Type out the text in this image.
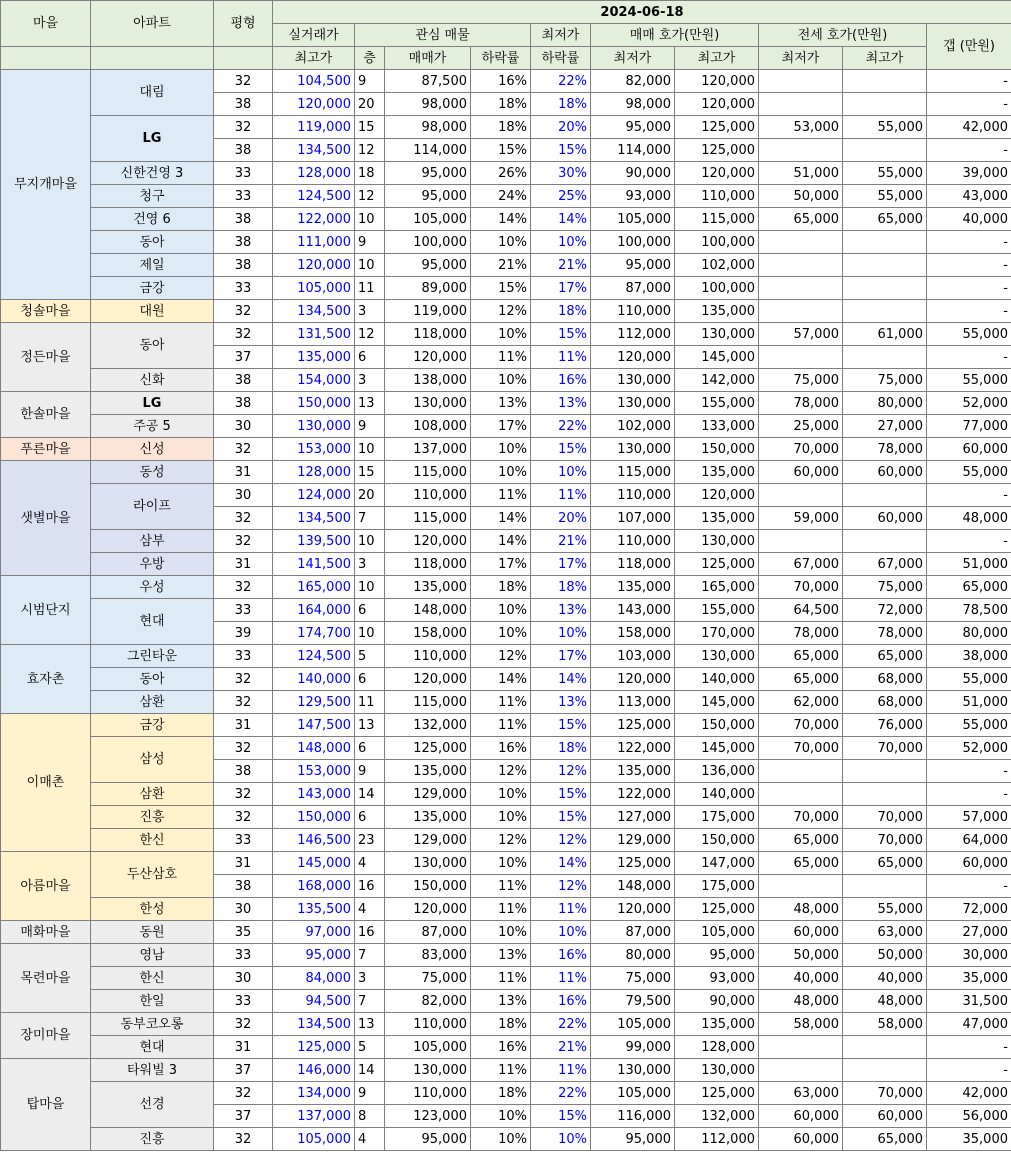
마을	아파트	평형	2024-06-18									
			실거래가	관심 매물			최저가	매매 호가(만원)		전세 호가(만원)		갭 (만원)
			최고가	층	매매가	하락률	하락률	최저가	최고가	최저가	최고가	
무지개마을	대림	32	104,500	9	87,500	16%	22%	82,000	120,000			-
		38	120,000	20	98,000	18%	18%	98,000	120,000			-
	LG	32	119,000	15	98,000	18%	20%	95,000	125,000	53,000	55,000	42,000
		38	134,500	12	114,000	15%	15%	114,000	125,000			-
	신한건영 3	33	128,000	18	95,000	26%	30%	90,000	120,000	51,000	55,000	39,000
	청구	33	124,500	12	95,000	24%	25%	93,000	110,000	50,000	55,000	43,000
	건영 6	38	122,000	10	105,000	14%	14%	105,000	115,000	65,000	65,000	40,000
	동아	38	111,000	9	100,000	10%	10%	100,000	100,000			-
	제일	38	120,000	10	95,000	21%	21%	95,000	102,000			-
	금강	33	105,000	11	89,000	15%	17%	87,000	100,000			-
청솔마을	대원	32	134,500	3	119,000	12%	18%	110,000	135,000			-
정든마을	동아	32	131,500	12	118,000	10%	15%	112,000	130,000	57,000	61,000	55,000
		37	135,000	6	120,000	11%	11%	120,000	145,000			-
	신화	38	154,000	3	138,000	10%	16%	130,000	142,000	75,000	75,000	55,000
한솔마을	LG	38	150,000	13	130,000	13%	13%	130,000	155,000	78,000	80,000	52,000
	주공 5	30	130,000	9	108,000	17%	22%	102,000	133,000	25,000	27,000	77,000
푸른마을	신성	32	153,000	10	137,000	10%	15%	130,000	150,000	70,000	78,000	60,000
샛별마을	동성	31	128,000	15	115,000	10%	10%	115,000	135,000	60,000	60,000	55,000
	라이프	30	124,000	20	110,000	11%	11%	110,000	120,000			-
		32	134,500	7	115,000	14%	20%	107,000	135,000	59,000	60,000	48,000
	삼부	32	139,500	10	120,000	14%	21%	110,000	130,000			-
	우방	31	141,500	3	118,000	17%	17%	118,000	125,000	67,000	67,000	51,000
시범단지	우성	32	165,000	10	135,000	18%	18%	135,000	165,000	70,000	75,000	65,000
	현대	33	164,000	6	148,000	10%	13%	143,000	155,000	64,500	72,000	78,500
		39	174,700	10	158,000	10%	10%	158,000	170,000	78,000	78,000	80,000
효자촌	그린타운	33	124,500	5	110,000	12%	17%	103,000	130,000	65,000	65,000	38,000
	동아	32	140,000	6	120,000	14%	14%	120,000	140,000	65,000	68,000	55,000
	삼환	32	129,500	11	115,000	11%	13%	113,000	145,000	62,000	68,000	51,000
이매촌	금강	31	147,500	13	132,000	11%	15%	125,000	150,000	70,000	76,000	55,000
	삼성	32	148,000	6	125,000	16%	18%	122,000	145,000	70,000	70,000	52,000
		38	153,000	9	135,000	12%	12%	135,000	136,000			-
	삼환	32	143,000	14	129,000	10%	15%	122,000	140,000			-
	진흥	32	150,000	6	135,000	10%	15%	127,000	175,000	70,000	70,000	57,000
	한신	33	146,500	23	129,000	12%	12%	129,000	150,000	65,000	70,000	64,000
아름마을	두산삼호	31	145,000	4	130,000	10%	14%	125,000	147,000	65,000	65,000	60,000
		38	168,000	16	150,000	11%	12%	148,000	175,000			-
	한성	30	135,500	4	120,000	11%	11%	120,000	125,000	48,000	55,000	72,000
매화마을	동원	35	97,000	16	87,000	10%	10%	87,000	105,000	60,000	63,000	27,000
목련마을	영남	33	95,000	7	83,000	13%	16%	80,000	95,000	50,000	50,000	30,000
	한신	30	84,000	3	75,000	11%	11%	75,000	93,000	40,000	40,000	35,000
	한일	33	94,500	7	82,000	13%	16%	79,500	90,000	48,000	48,000	31,500
장미마을	동부코오롱	32	134,500	13	110,000	18%	22%	105,000	135,000	58,000	58,000	47,000
	현대	31	125,000	5	105,000	16%	21%	99,000	128,000			-
탑마을	타워빌 3	37	146,000	14	130,000	11%	11%	130,000	130,000			-
	선경	32	134,000	9	110,000	18%	22%	105,000	125,000	63,000	70,000	42,000
		37	137,000	8	123,000	10%	15%	116,000	132,000	60,000	60,000	56,000
	진흥	32	105,000	4	95,000	10%	10%	95,000	112,000	60,000	65,000	35,000
